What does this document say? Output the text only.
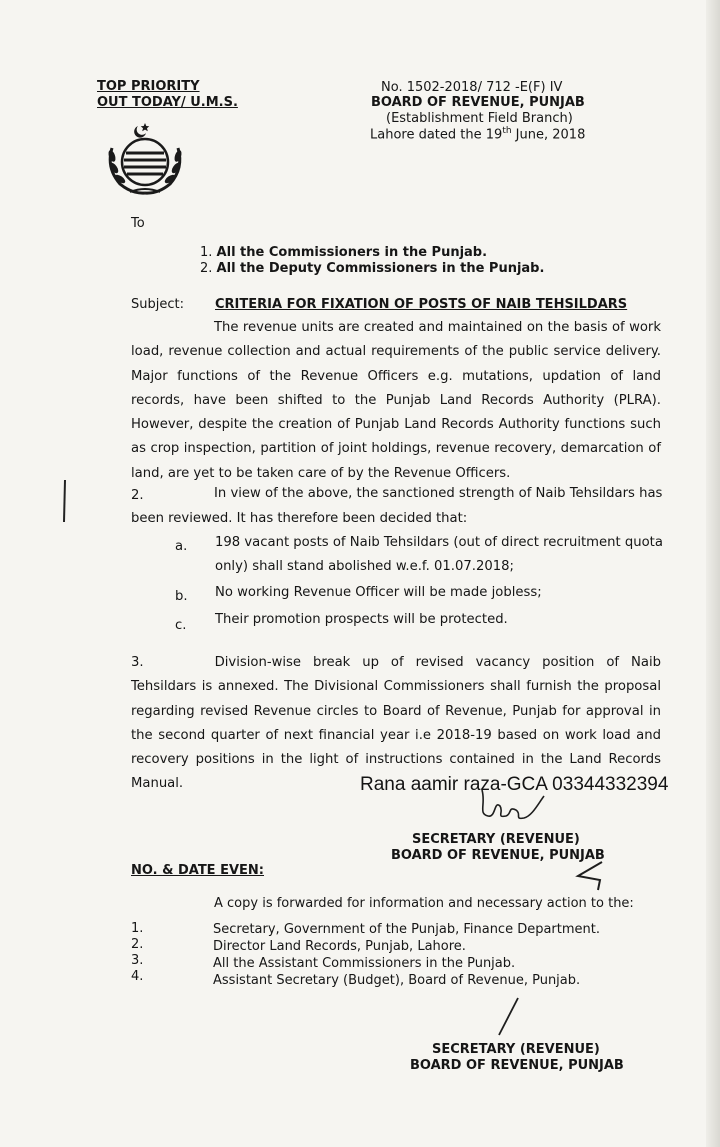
TOP PRIORITY
OUT TODAY/ U.M.S.
No. 1502-2018/ 712 -E(F) IV
BOARD OF REVENUE, PUNJAB
(Establishment Field Branch)
Lahore dated the 19th June, 2018
To
1. All the Commissioners in the Punjab.
2. All the Deputy Commissioners in the Punjab.
Subject: CRITERIA FOR FIXATION OF POSTS OF NAIB TEHSILDARS
The revenue units are created and maintained on the basis of work load, revenue collection and actual requirements of the public service delivery. Major functions of the Revenue Officers e.g. mutations, updation of land records, have been shifted to the Punjab Land Records Authority (PLRA). However, despite the creation of Punjab Land Records Authority functions such as crop inspection, partition of joint holdings, revenue recovery, demarcation of land, are yet to be taken care of by the Revenue Officers.
2.	In view of the above, the sanctioned strength of Naib Tehsildars has
been reviewed. It has therefore been decided that:
a. 198 vacant posts of Naib Tehsildars (out of direct recruitment quota
only) shall stand abolished w.e.f. 01.07.2018;
b. No working Revenue Officer will be made jobless;
c. Their promotion prospects will be protected.
3.	Division-wise break up of revised vacancy position of Naib Tehsildars is annexed. The Divisional Commissioners shall furnish the proposal regarding revised Revenue circles to Board of Revenue, Punjab for approval in the second quarter of next financial year i.e 2018-19 based on work load and recovery positions in the light of instructions contained in the Land Records Manual.	Rana aamir raza-GCA 03344332394
SECRETARY (REVENUE)
BOARD OF REVENUE, PUNJAB
NO. & DATE EVEN:
A copy is forwarded for information and necessary action to the:
1.	Secretary, Government of the Punjab, Finance Department.
2.	Director Land Records, Punjab, Lahore.
3.	All the Assistant Commissioners in the Punjab.
4.	Assistant Secretary (Budget), Board of Revenue, Punjab.
SECRETARY (REVENUE)
BOARD OF REVENUE, PUNJAB
